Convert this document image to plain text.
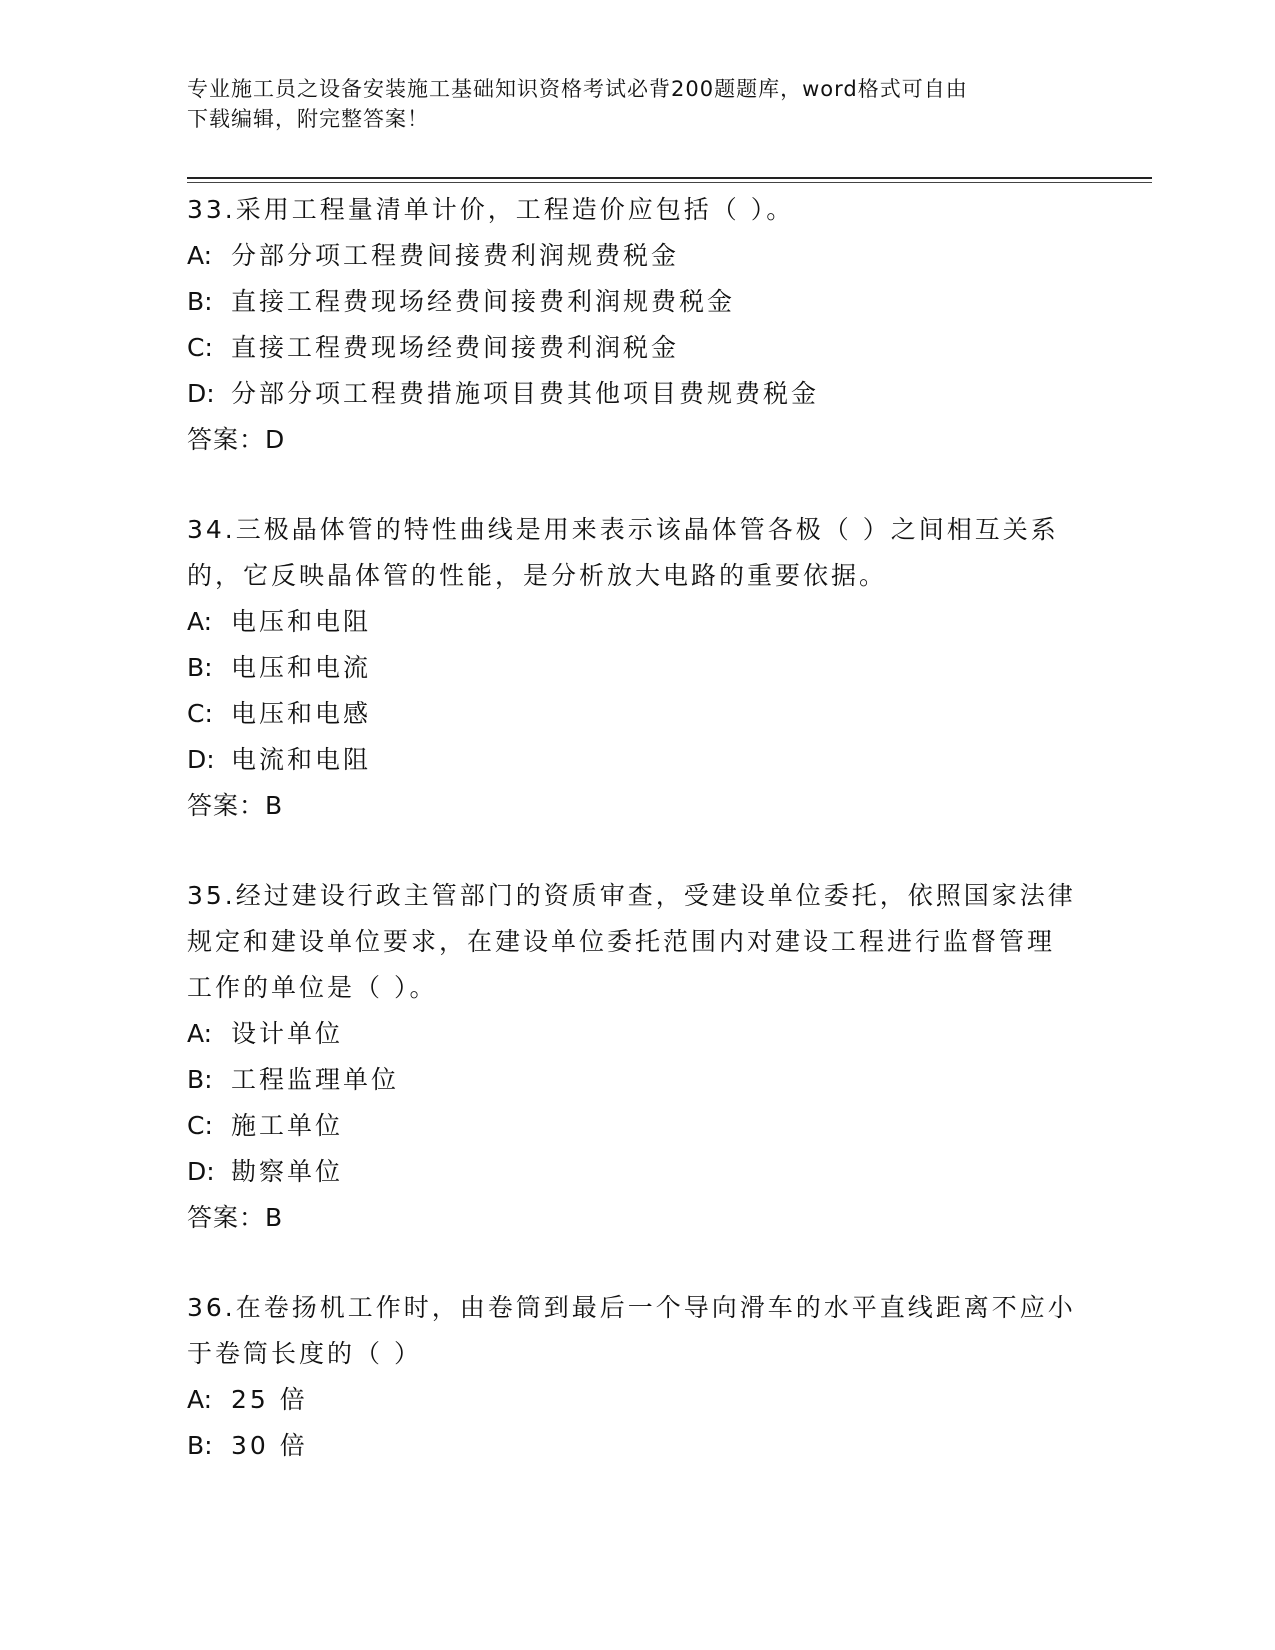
专业施工员之设备安装施工基础知识资格考试必背200题题库，word格式可自由
下载编辑，附完整答案！
33.采用工程量清单计价，工程造价应包括（ ）。
A: 分部分项工程费间接费利润规费税金
B: 直接工程费现场经费间接费利润规费税金
C: 直接工程费现场经费间接费利润税金
D: 分部分项工程费措施项目费其他项目费规费税金
答案：D
34.三极晶体管的特性曲线是用来表示该晶体管各极（ ）之间相互关系的，它反映晶体管的性能，是分析放大电路的重要依据。
A: 电压和电阻
B: 电压和电流
C: 电压和电感
D: 电流和电阻
答案：B
35.经过建设行政主管部门的资质审查，受建设单位委托，依照国家法律规定和建设单位要求，在建设单位委托范围内对建设工程进行监督管理工作的单位是（ ）。
A: 设计单位
B: 工程监理单位
C: 施工单位
D: 勘察单位
答案：B
36.在卷扬机工作时，由卷筒到最后一个导向滑车的水平直线距离不应小于卷筒长度的（ ）
A: 25 倍
B: 30 倍
